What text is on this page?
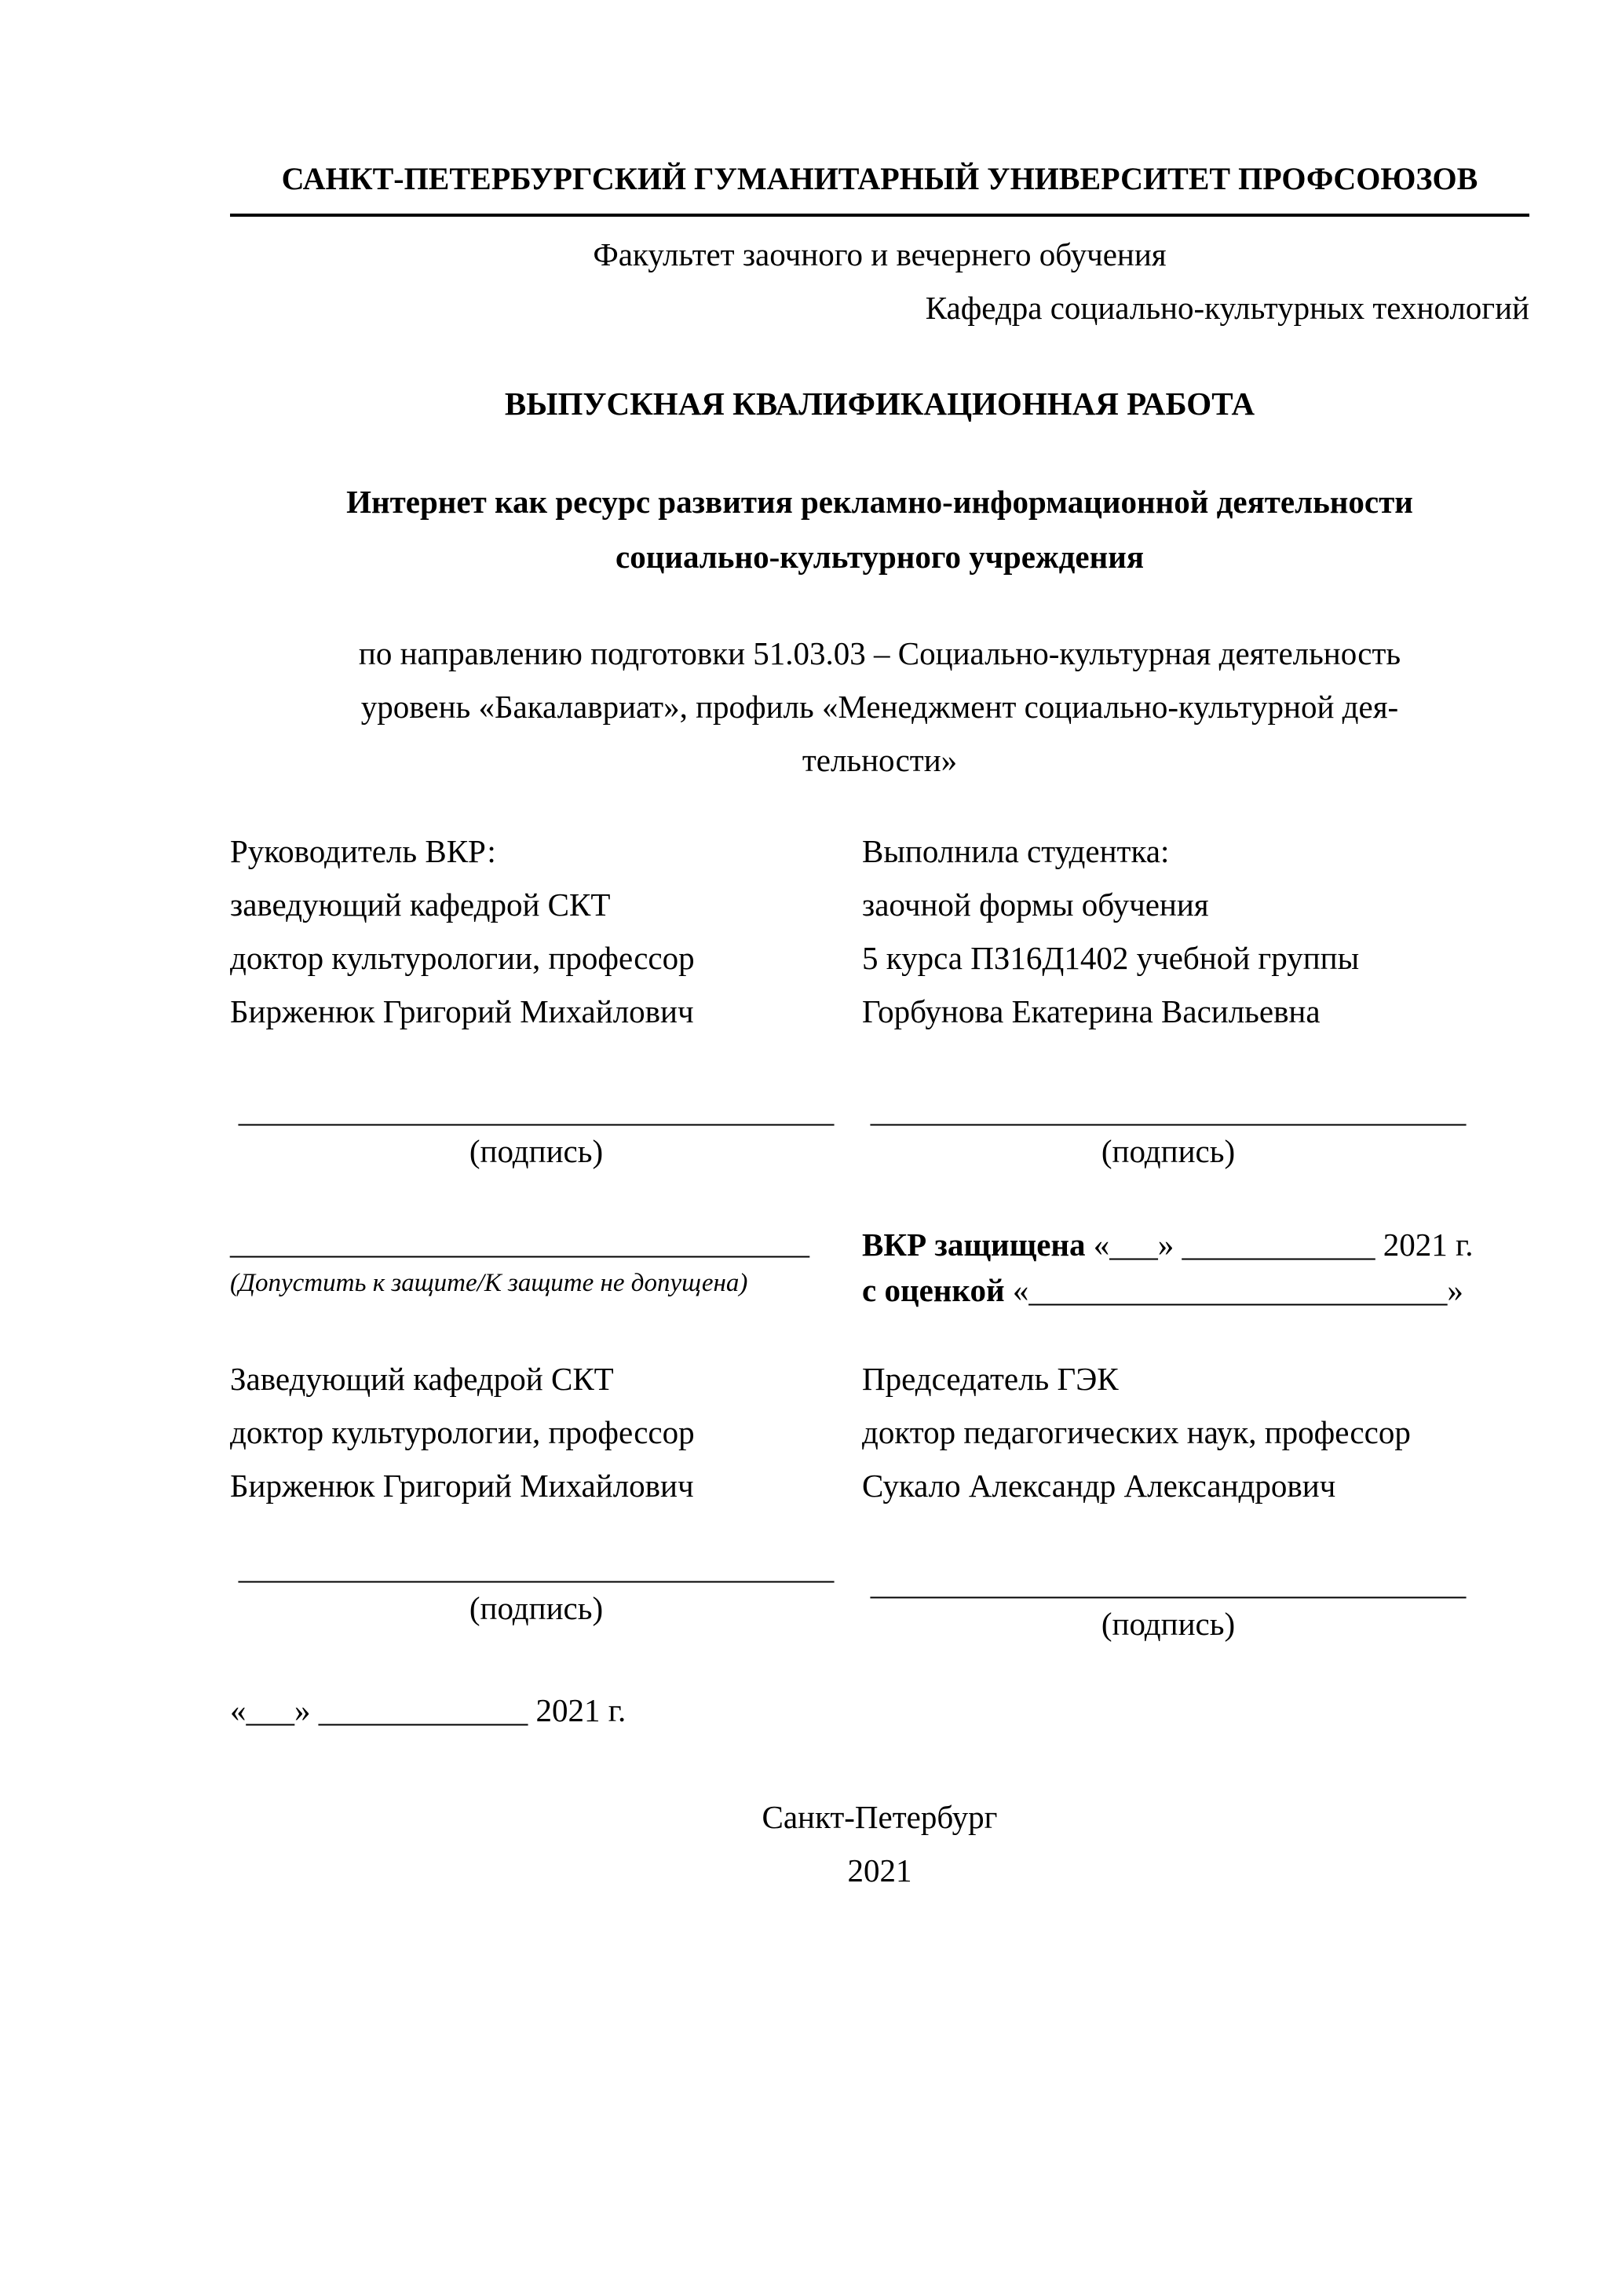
САНКТ-ПЕТЕРБУРГСКИЙ ГУМАНИТАРНЫЙ УНИВЕРСИТЕТ ПРОФСОЮЗОВ
Факультет заочного и вечернего обучения
Кафедра социально-культурных технологий
ВЫПУСКНАЯ КВАЛИФИКАЦИОННАЯ РАБОТА
Интернет как ресурс развития рекламно-информационной деятельности
социально-культурного учреждения
по направлению подготовки 51.03.03 – Социально-культурная деятельность
уровень «Бакалавриат», профиль «Менеджмент социально-культурной дея-
тельности»
Руководитель ВКР:
заведующий кафедрой СКТ
доктор культурологии, профессор
Бирженюк Григорий Михайлович
Выполнила студентка:
заочной формы обучения
5 курса ПЗ16Д1402 учебной группы
Горбунова Екатерина Васильевна
_____________________________________
(подпись)
_____________________________________
(подпись)
____________________________________
(Допустить к защите/К защите не допущена)
ВКР защищена «___» ____________ 2021 г.
с оценкой «__________________________»
Заведующий кафедрой СКТ
доктор культурологии, профессор
Бирженюк Григорий Михайлович
Председатель ГЭК
доктор педагогических наук, профессор
Сукало Александр Александрович
_____________________________________
(подпись)
_____________________________________
(подпись)
«___» _____________ 2021 г.
Санкт-Петербург
2021
